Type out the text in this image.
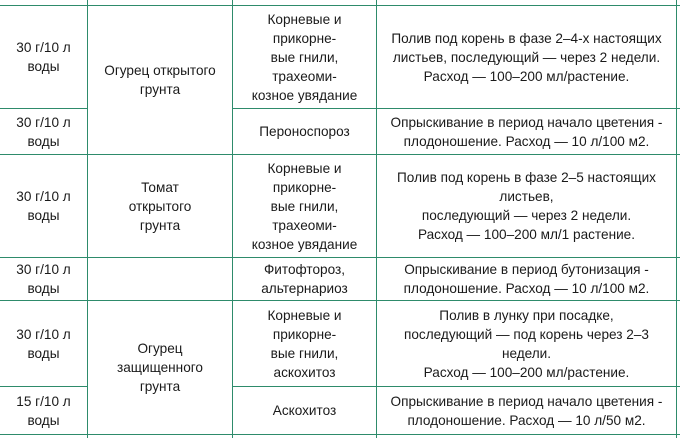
30 г/10 л
воды
Полив под корень в фазе 2–4-х настоящих
листьев, последующий — через 2 недели.
Расход — 100–200 мл/растение.
Корневые и
прикорне-
вые гнили,
трахеоми-
козное увядание
Огурец открытого
грунта
30 г/10 л
воды
Пероноспороз
Опрыскивание в период начало цветения -
плодоношение. Расход — 10 л/100 м2.
30 г/10 л
воды
Томат
открытого
грунта
Корневые и
прикорне-
вые гнили,
трахеоми-
козное увядание
Полив под корень в фазе 2–5 настоящих
листьев,
последующий — через 2 недели.
Расход — 100–200 мл/1 растение.
30 г/10 л
воды
Фитофтороз,
альтернариоз
Опрыскивание в период бутонизация -
плодоношение. Расход — 10 л/100 м2.
30 г/10 л
воды
Корневые и
прикорне-
вые гнили,
аскохитоз
Полив в лунку при посадке,
последующий — под корень через 2–3
недели.
Расход — 100–200 мл/растение.
Огурец
защищенного
грунта
15 г/10 л
воды
Аскохитоз
Опрыскивание в период начало цветения -
плодоношение. Расход — 10 л/50 м2.
